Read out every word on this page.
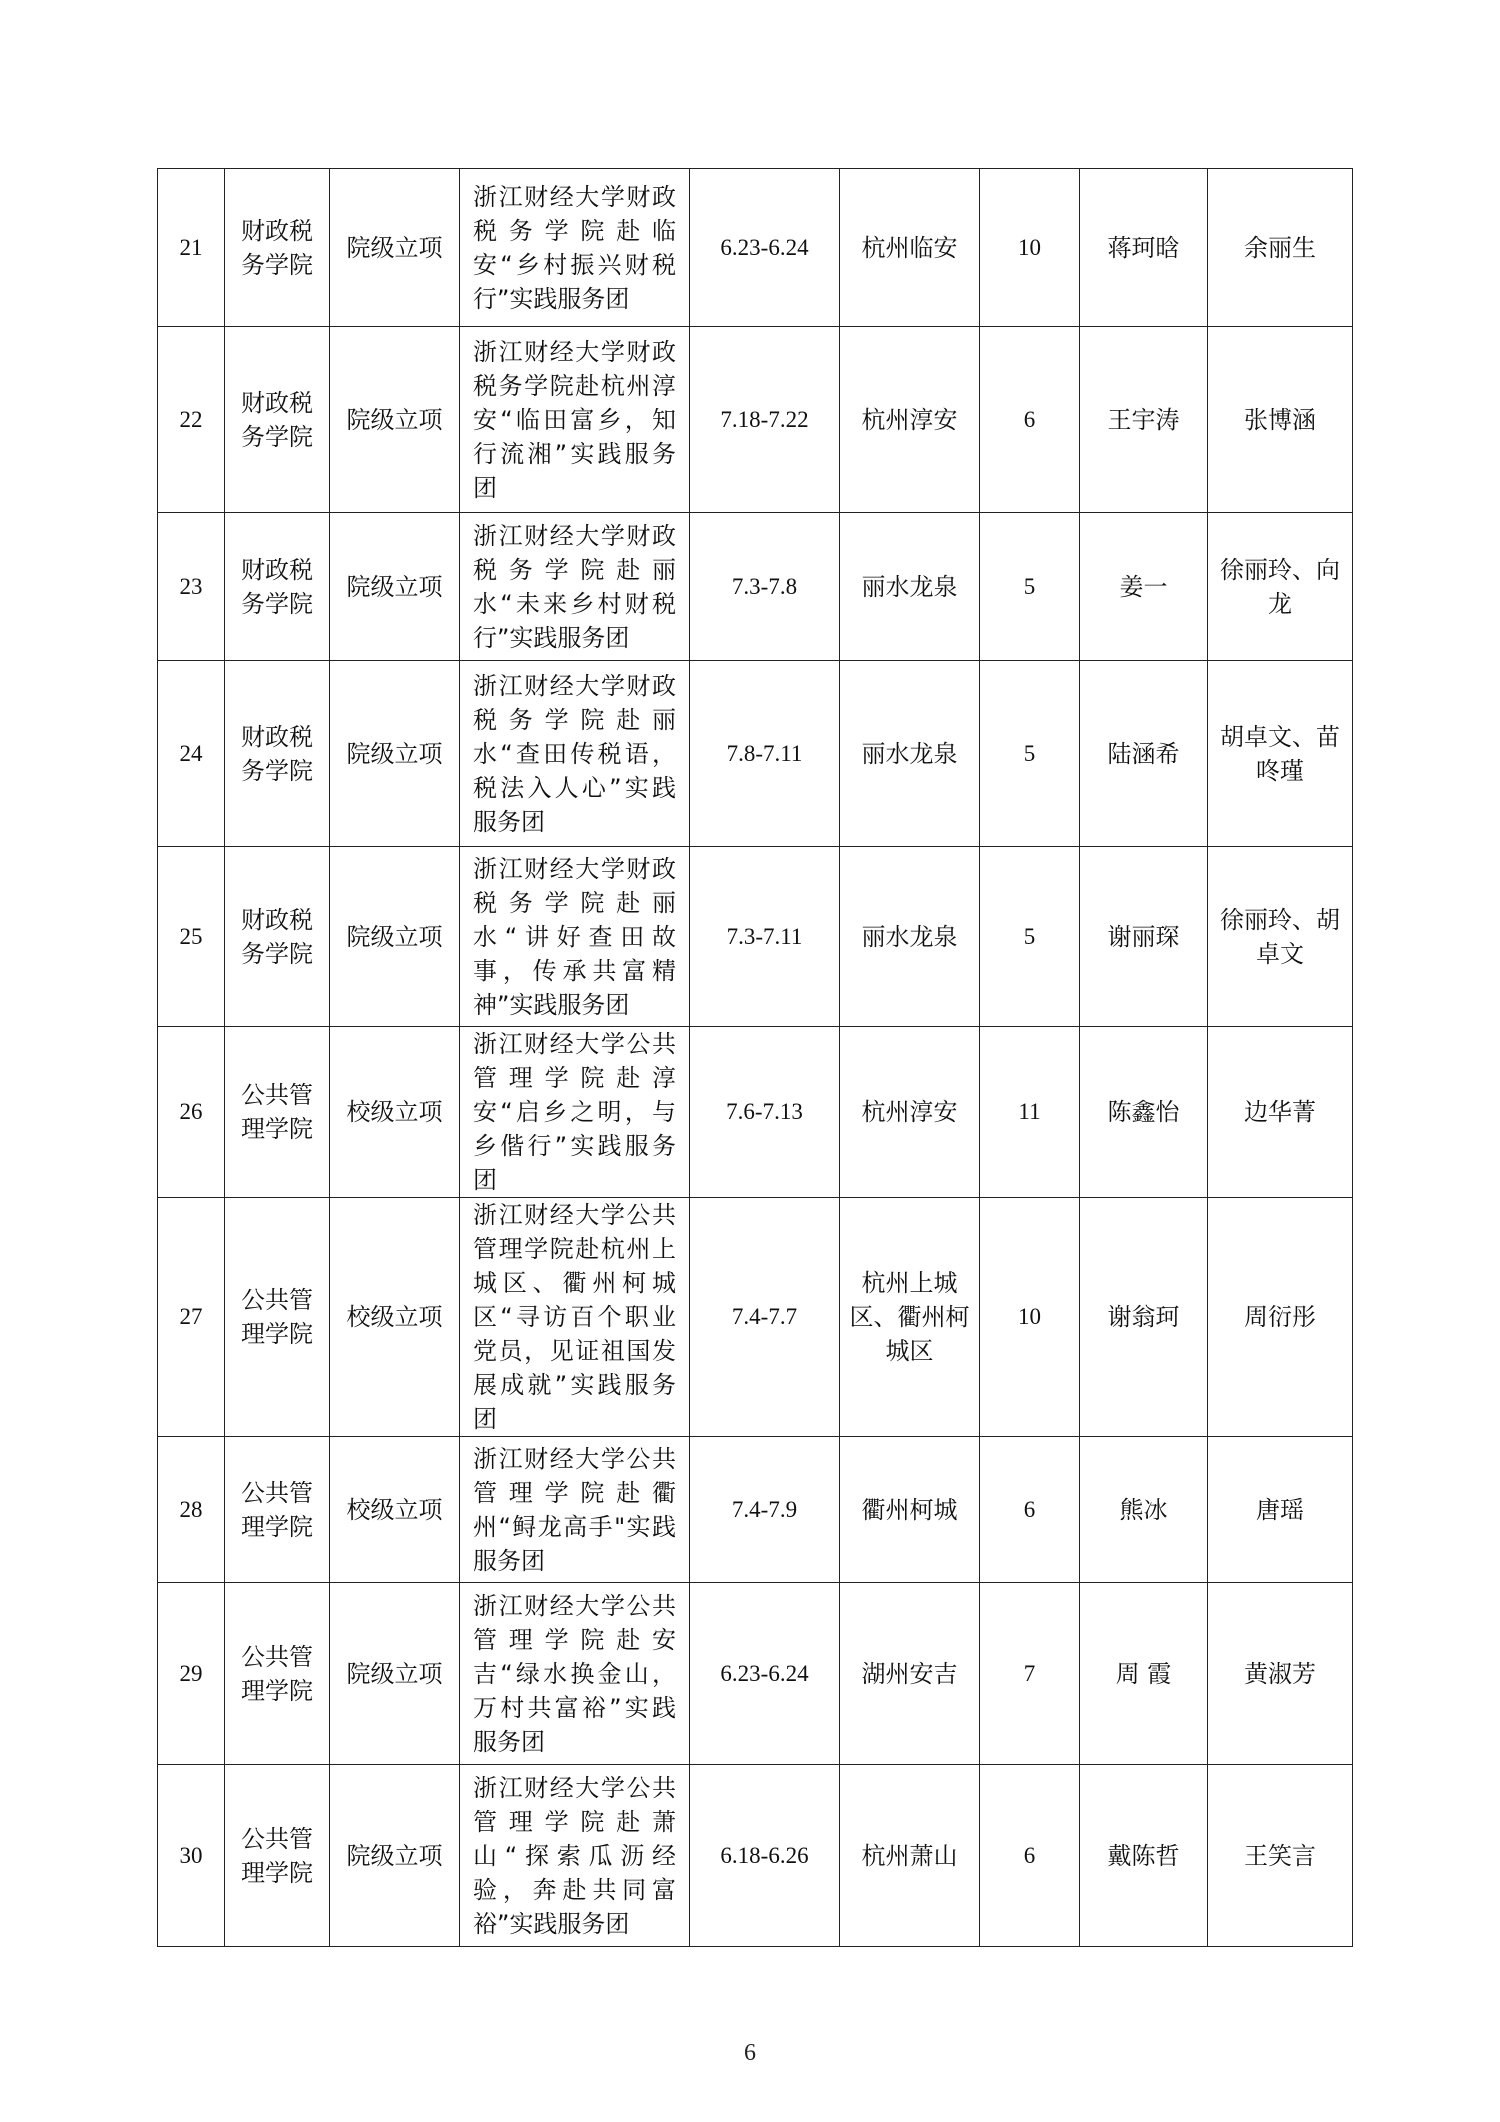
21	财政税务学院	院级立项	浙江财经大学财政税务学院赴临安“乡村振兴财税行”实践服务团	6.23-6.24	杭州临安	10	蒋珂晗	余丽生
22	财政税务学院	院级立项	浙江财经大学财政税务学院赴杭州淳安“临田富乡，知行流湘”实践服务团	7.18-7.22	杭州淳安	6	王宇涛	张博涵
23	财政税务学院	院级立项	浙江财经大学财政税务学院赴丽水“未来乡村财税行”实践服务团	7.3-7.8	丽水龙泉	5	姜一	徐丽玲、向龙
24	财政税务学院	院级立项	浙江财经大学财政税务学院赴丽水“查田传税语，税法入人心”实践服务团	7.8-7.11	丽水龙泉	5	陆涵希	胡卓文、苗咚瑾
25	财政税务学院	院级立项	浙江财经大学财政税务学院赴丽水“讲好查田故事，传承共富精神”实践服务团	7.3-7.11	丽水龙泉	5	谢丽琛	徐丽玲、胡卓文
26	公共管理学院	校级立项	浙江财经大学公共管理学院赴淳安“启乡之明，与乡偕行”实践服务团	7.6-7.13	杭州淳安	11	陈鑫怡	边华菁
27	公共管理学院	校级立项	浙江财经大学公共管理学院赴杭州上城区、衢州柯城区“寻访百个职业党员，见证祖国发展成就”实践服务团	7.4-7.7	杭州上城区、衢州柯城区	10	谢翁珂	周衍彤
28	公共管理学院	校级立项	浙江财经大学公共管理学院赴衢州“鲟龙高手"实践服务团	7.4-7.9	衢州柯城	6	熊冰	唐瑶
29	公共管理学院	院级立项	浙江财经大学公共管理学院赴安吉“绿水换金山，万村共富裕”实践服务团	6.23-6.24	湖州安吉	7	周 霞	黄淑芳
30	公共管理学院	院级立项	浙江财经大学公共管理学院赴萧山“探索瓜沥经验，奔赴共同富裕”实践服务团	6.18-6.26	杭州萧山	6	戴陈哲	王笑言
6
